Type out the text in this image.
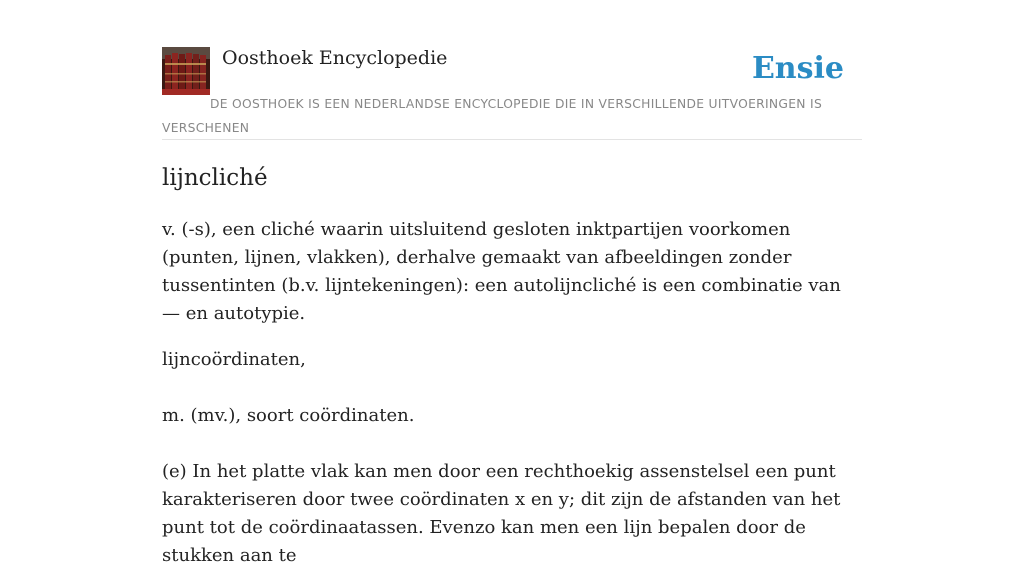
Oosthoek Encyclopedie	Ensie
DE OOSTHOEK IS EEN NEDERLANDSE ENCYCLOPEDIE DIE IN VERSCHILLENDE UITVOERINGEN IS VERSCHENEN
lijncliché

v. (-s), een cliché waarin uitsluitend gesloten inktpartijen voorkomen (punten, lijnen, vlakken), derhalve gemaakt van afbeeldingen zonder tussentinten (b.v. lijntekeningen): een autolijncliché is een combinatie van — en autotypie.

lijncoördinaten,

m. (mv.), soort coördinaten.

(e) In het platte vlak kan men door een rechthoekig assenstelsel een punt karakteriseren door twee coördinaten x en y; dit zijn de afstanden van het punt tot de coördinaatassen. Evenzo kan men een lijn bepalen door de stukken aan te
